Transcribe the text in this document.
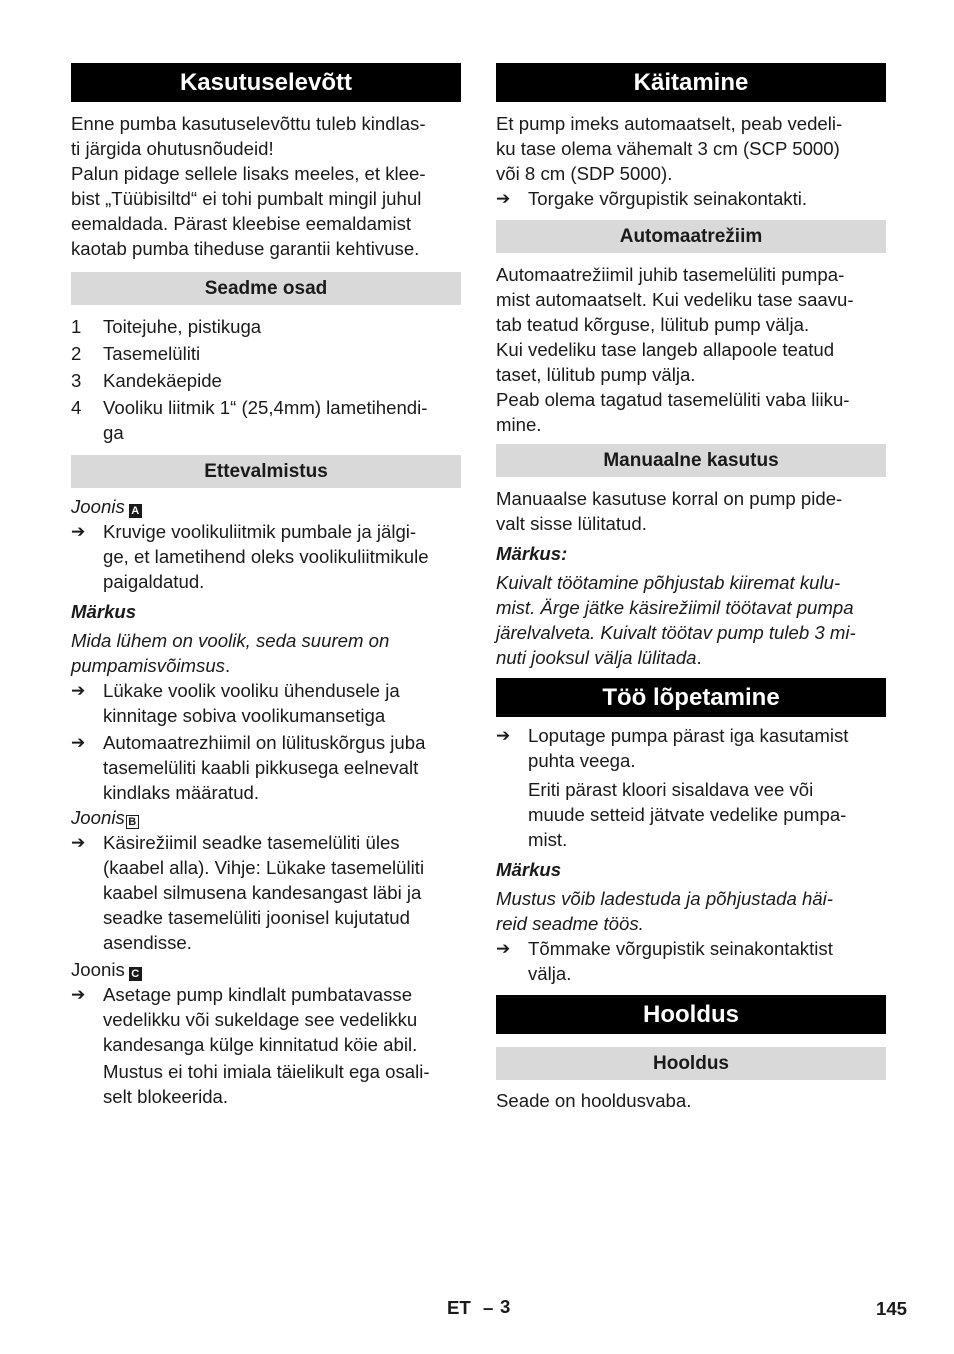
Kasutuselevõtt
Enne pumba kasutuselevõttu tuleb kindlas-
ti järgida ohutusnõudeid!
Palun pidage sellele lisaks meeles, et klee-
bist „Tüübisiltd“ ei tohi pumbalt mingil juhul
eemaldada. Pärast kleebise eemaldamist
kaotab pumba tiheduse garantii kehtivuse.
Seadme osad
1	Toitejuhe, pistikuga
2	Tasemelüliti
3	Kandekäepide
4	Vooliku liitmik 1“ (25,4mm) lametihendi-
ga
Ettevalmistus
Joonis A
➔ Kruvige voolikuliitmik pumbale ja jälgi-
ge, et lametihend oleks voolikuliitmikule
paigaldatud.
Märkus
Mida lühem on voolik, seda suurem on
pumpamisvõimsus.
➔ Lükake voolik vooliku ühendusele ja
kinnitage sobiva voolikumansetiga
➔ Automaatrezhiimil on lülituskõrgus juba
tasemelüliti kaabli pikkusega eelnevalt
kindlaks määratud.
Joonis B
➔ Käsirežiimil seadke tasemelüliti üles
(kaabel alla). Vihje: Lükake tasemelüliti
kaabel silmusena kandesangast läbi ja
seadke tasemelüliti joonisel kujutatud
asendisse.
Joonis C
➔ Asetage pump kindlalt pumbatavasse
vedelikku või sukeldage see vedelikku
kandesanga külge kinnitatud köie abil.
Mustus ei tohi imiala täielikult ega osali-
selt blokeerida.
Käitamine
Et pump imeks automaatselt, peab vedeli-
ku tase olema vähemalt 3 cm (SCP 5000)
või 8 cm (SDP 5000).
➔ Torgake võrgupistik seinakontakti.
Automaatrežiim
Automaatrežiimil juhib tasemelüliti pumpa-
mist automaatselt. Kui vedeliku tase saavu-
tab teatud kõrguse, lülitub pump välja.
Kui vedeliku tase langeb allapoole teatud
taset, lülitub pump välja.
Peab olema tagatud tasemelüliti vaba liiku-
mine.
Manuaalne kasutus
Manuaalse kasutuse korral on pump pide-
valt sisse lülitatud.
Märkus:
Kuivalt töötamine põhjustab kiiremat kulu-
mist. Ärge jätke käsirežiimil töötavat pumpa
järelvalveta. Kuivalt töötav pump tuleb 3 mi-
nuti jooksul välja lülitada.
Töö lõpetamine
➔ Loputage pumpa pärast iga kasutamist
puhta veega.
Eriti pärast kloori sisaldava vee või
muude setteid jätvate vedelike pumpa-
mist.
Märkus
Mustus võib ladestuda ja põhjustada häi-
reid seadme töös.
➔ Tõmmake võrgupistik seinakontaktist
välja.
Hooldus
Hooldus
Seade on hooldusvaba.
ET – 3	145
